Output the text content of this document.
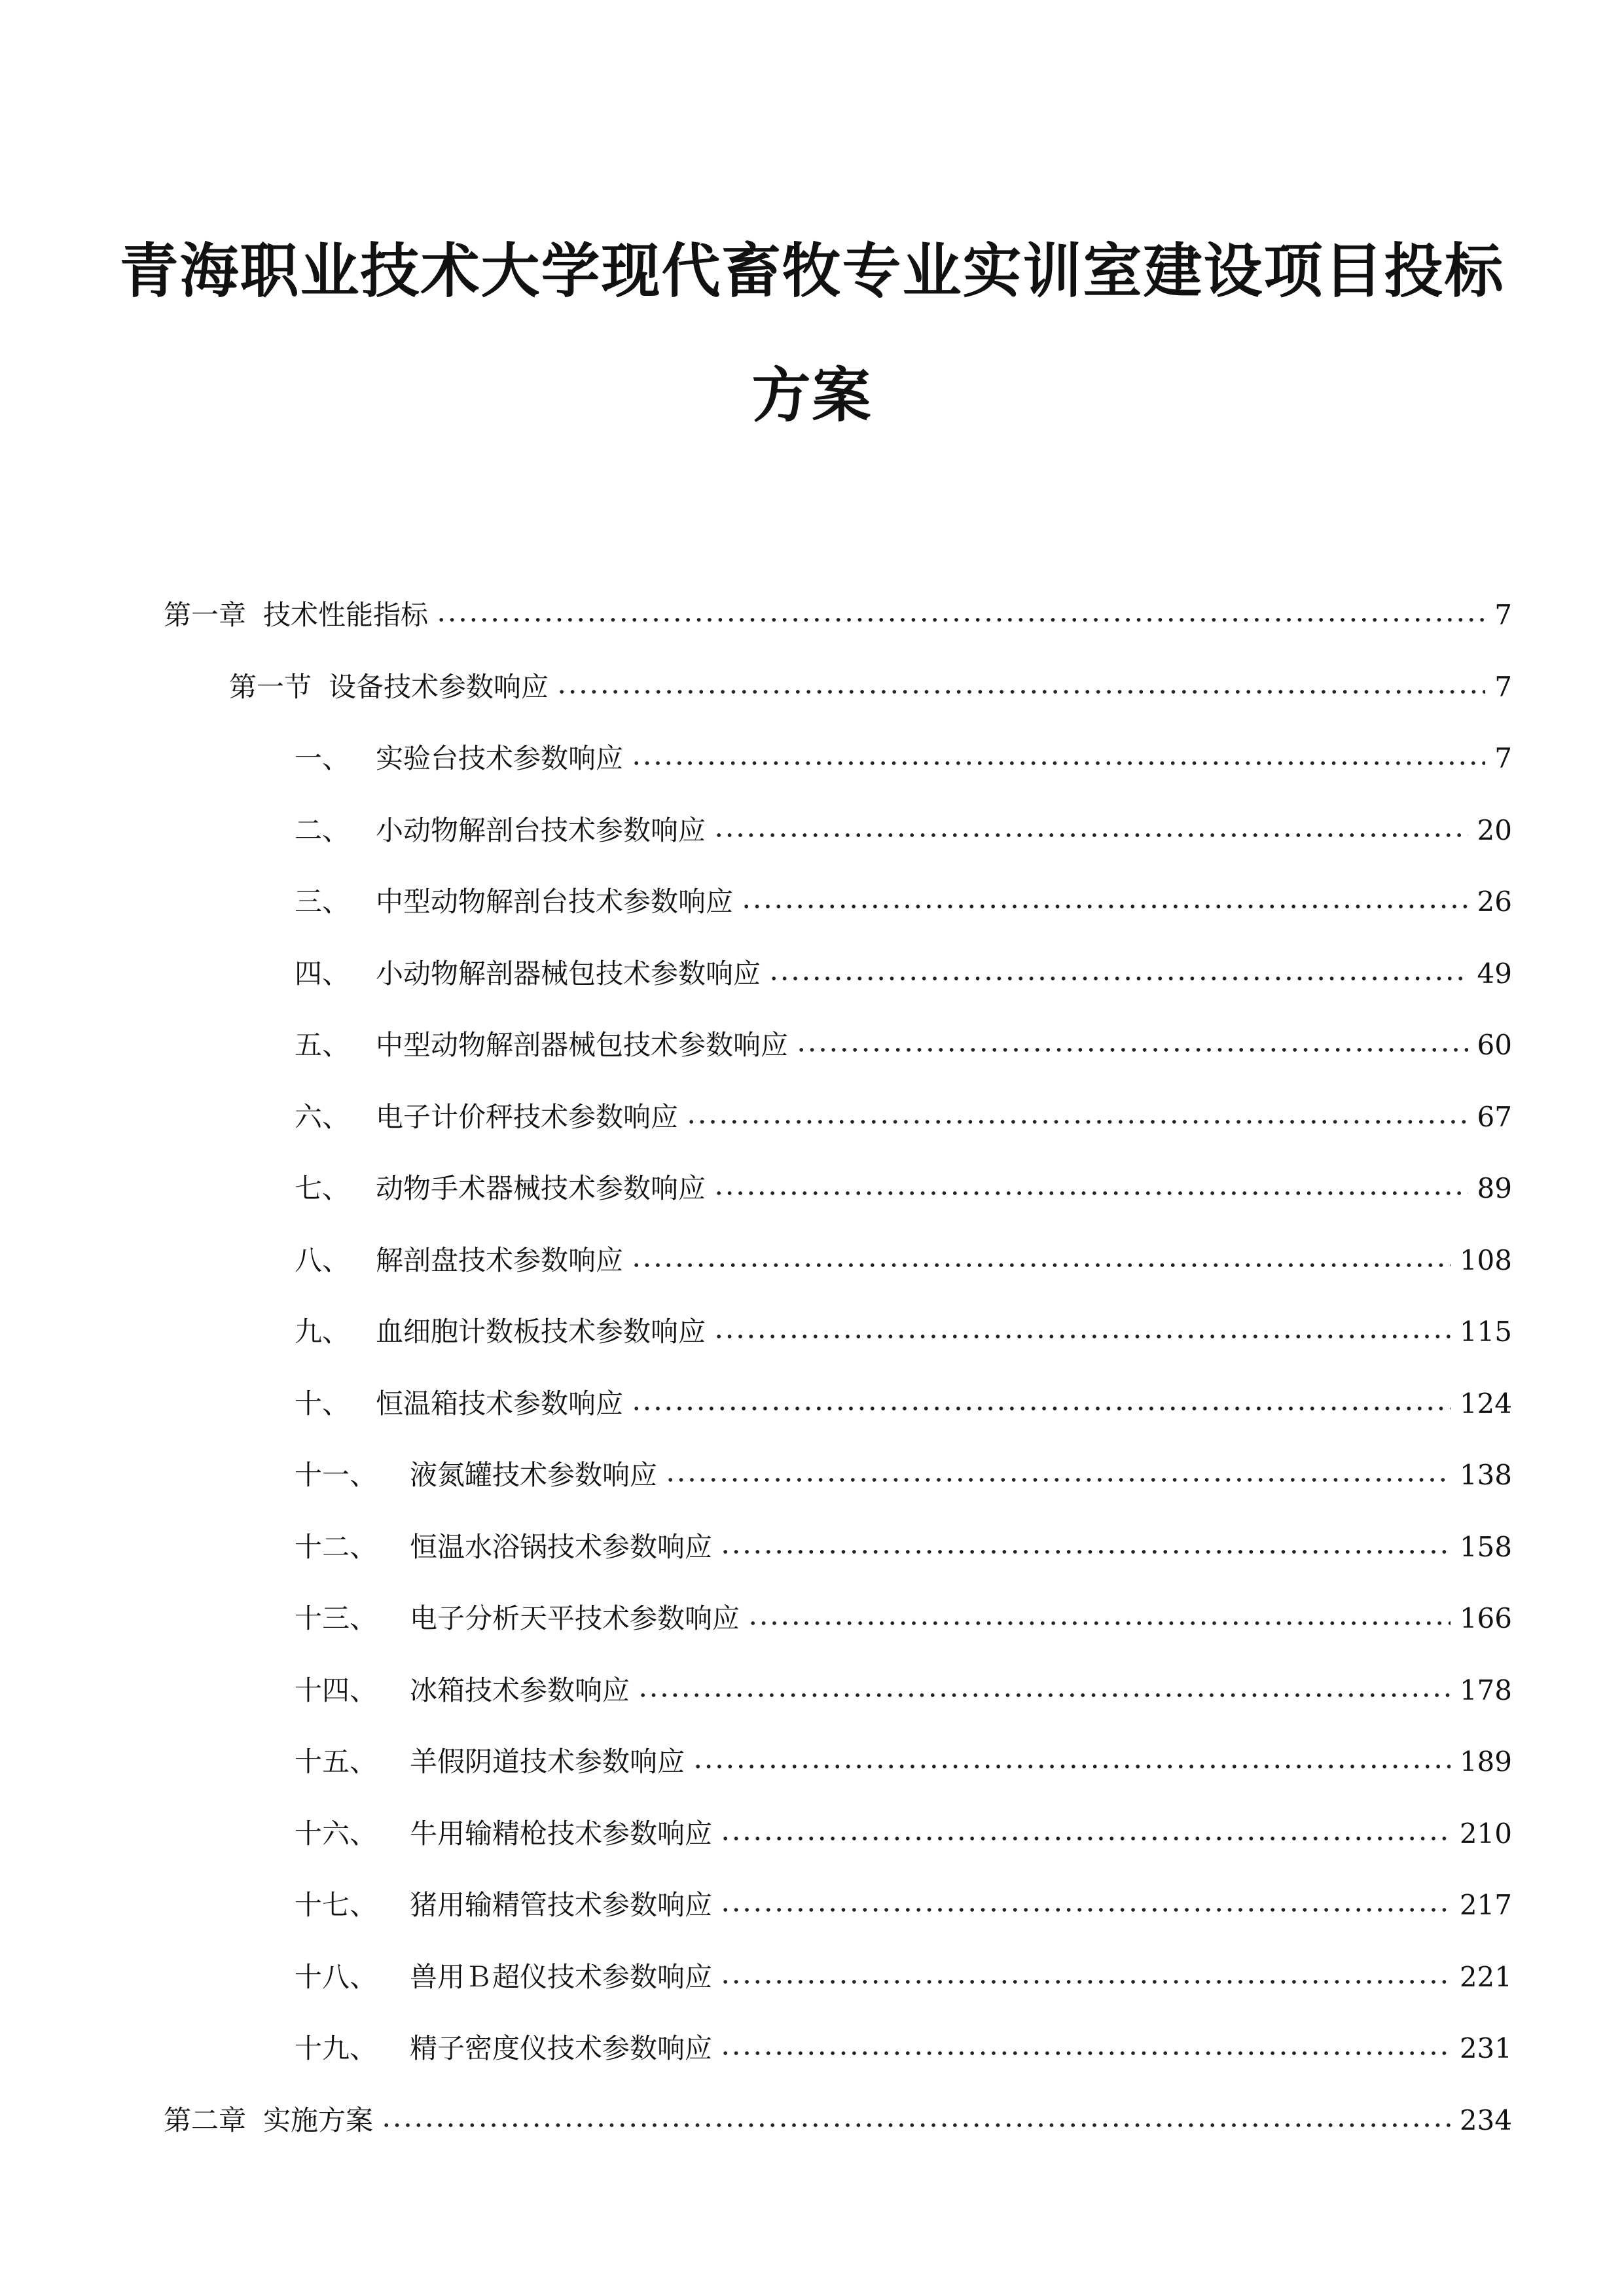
青海职业技术大学现代畜牧专业实训室建设项目投标
方案
第一章 技术性能指标	7
第一节 设备技术参数响应	7
一、 实验台技术参数响应	7
二、 小动物解剖台技术参数响应	20
三、 中型动物解剖台技术参数响应	26
四、 小动物解剖器械包技术参数响应	49
五、 中型动物解剖器械包技术参数响应	60
六、 电子计价秤技术参数响应	67
七、 动物手术器械技术参数响应	89
八、 解剖盘技术参数响应	108
九、 血细胞计数板技术参数响应	115
十、 恒温箱技术参数响应	124
十一、	液氮罐技术参数响应	138
十二、	恒温水浴锅技术参数响应	158
十三、	电子分析天平技术参数响应	166
十四、	冰箱技术参数响应	178
十五、	羊假阴道技术参数响应	189
十六、	牛用输精枪技术参数响应	210
十七、	猪用输精管技术参数响应	217
十八、	兽用Ｂ超仪技术参数响应	221
十九、	精子密度仪技术参数响应	231
第二章 实施方案	234
